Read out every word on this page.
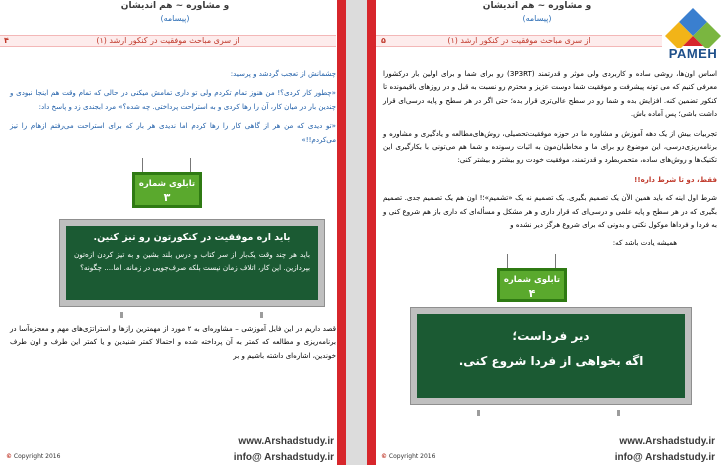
و مشاوره‌ ~ هم اندیشان
(پیسامه)
از سری مباحث موفقیت در کنکور ارشد (۱)
۴

چشمانش از تعجب گردشد و پرسید:

«چطور کار کردی؟! من هنوز تمام تکردم ولی تو داری تمامش میکنی در حالی که تمام وقت هم اینجا نبودی و چندین بار در میان کار، آن را رها کردی و به استراحت پرداختی. چه شده؟» مرد ابجندی زد و پاسخ داد:

«تو دیدی که من هر از گاهی کار را رها کردم اما ندیدی هر بار که برای استراحت می‌رفتم ازهام را تیز می‌کردم!!»

تابلوی شماره
۳
باید اره موفقیت در کنکورتون رو تیز کنین.
باید هر چند وقت یک‌بار از سر کتاب و درس بلند بشین و به تیز کردن ازه‌تون بپردازین. این کار، اتلاف زمان نیست بلکه صرف‌جویی در زمانه. اما.... چگونه؟
قصد داریم در این فایل آموزشی – مشاوره‌ای به ۲ مورد از مهمترین رازها و استراتژی‌های مهم و معجزه‌آسا در برنامه‌ریزی و مطالعه که کمتر به آن پرداخته شده و احتمالا کمتر شنیدین و یا کمتر این طرف و اون طرف خوندین، اشاره‌ای داشته باشیم و بر
www.Arshadstudy.ir
info@ Arshadstudy.ir
© Copyright 2016
و مشاوره‌ ~ هم اندیشان
(پیسامه)
از سری مباحث موفقیت در کنکور ارشد (۱)
۵
PAMEH

اساس اون‌ها، روشی ساده و کاربردی ولی موثر و قدرتمند (3P3RT) رو برای شما و برای اولین بار درکشورا معرفی کنیم که می تونه پیشرفت و موفقیت شما دوست عزیز و محترم رو نسبت به قبل و در روزهای باقیمونده تا کنکور تضمین کنه. افزایش بده و شما رو در سطح عالی‌تری قرار بده؛ حتی اگر در هر سطح و پایه درسی‌ای قرار داشت باشی؛ پس آماده باش.

تجربیات بیش از یک دهه آموزش و مشاوره ما در حوزه موفقیت‌تحصیلی، روش‌های‌مطالعه و یادگیری و مشاوره و برنامه‌ریزی‌درسی، این موضوع رو برای ما و مخاطبان‌مون به اثبات رسونده و شما هم می‌تونی با بکارگیری این تکنیک‌ها و روش‌های ساده، متحمر‌بطرد و قدرتمند، موفقیت خودت رو بیشتر و بیشتر کنی:

فقط، دو تا شرط داره!!

شرط اول اینه که باید همین الآن یک تصمیم بگیری. یک تصمیم نه یک «تشمیم»؛! اون هم یک تصمیم جدی. تصمیم بگیری که در هر سطح و پایه علمی و درسی‌ای که قرار داری و هر مشکل و مسأله‌ای که داری باز هم شروع کنی و به فردا و فرداها موکول نکنی و بدونی که برای شروع هرگز دیر نشده و

همیشه یادت باشد که:

تابلوی شماره
۴
دیر فرداست؛
اگه بخواهی از فردا شروع کنی.
www.Arshadstudy.ir
info@ Arshadstudy.ir
© Copyright 2016
